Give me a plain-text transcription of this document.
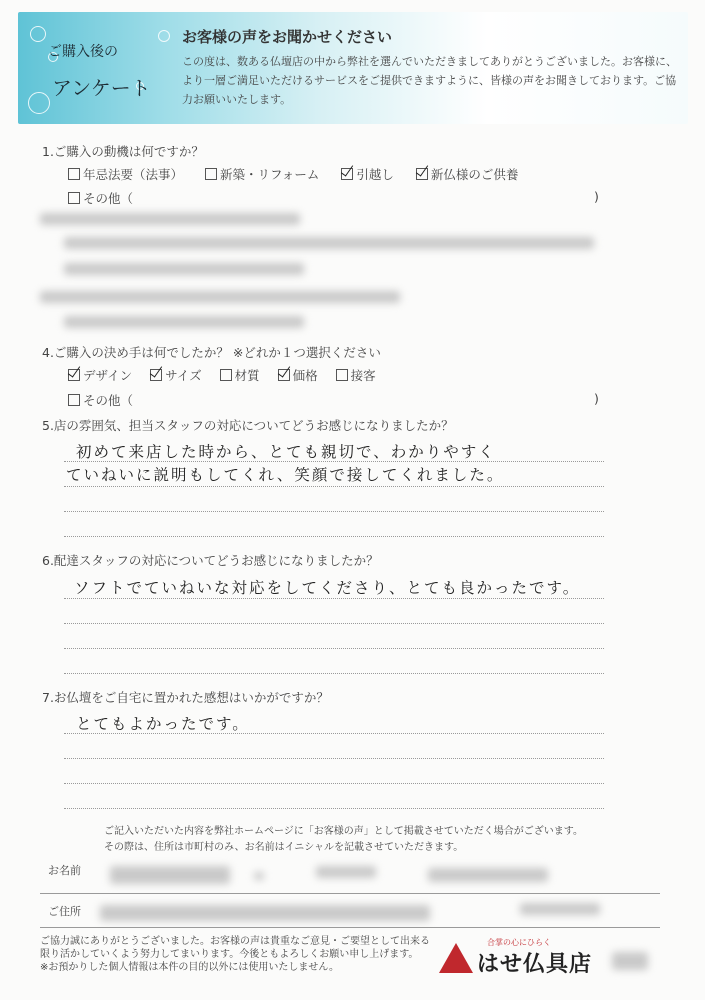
ご購入後の
アンケート
お客様の声をお聞かせください
この度は、数ある仏壇店の中から弊社を選んでいただきましてありがとうございました。お客様に、より一層ご満足いただけるサービスをご提供できますように、皆様の声をお聞きしております。ご協力お願いいたします。
1.ご購入の動機は何ですか？
年忌法要（法事）	新築・リフォーム	引越し	新仏様のご供養
その他（	)
4.ご購入の決め手は何でしたか？ ※どれか１つ選択ください
デザイン	サイズ	材質	価格	接客
その他（	)
5.店の雰囲気、担当スタッフの対応についてどうお感じになりましたか？
初めて来店した時から、とても親切で、わかりやすく
ていねいに説明もしてくれ、笑顔で接してくれました。
6.配達スタッフの対応についてどうお感じになりましたか？
ソフトでていねいな対応をしてくださり、とても良かったです。
7.お仏壇をご自宅に置かれた感想はいかがですか？
とてもよかったです。
ご記入いただいた内容を弊社ホームページに「お客様の声」として掲載させていただく場合がございます。
その際は、住所は市町村のみ、お名前はイニシャルを記載させていただきます。
お名前
ご住所
ご協力誠にありがとうございました。お客様の声は貴重なご意見・ご要望として出来る
限り活かしていくよう努力してまいります。今後ともよろしくお願い申し上げます。
※お預かりした個人情報は本件の目的以外には使用いたしません。
合掌の心にひらく
はせ仏具店
